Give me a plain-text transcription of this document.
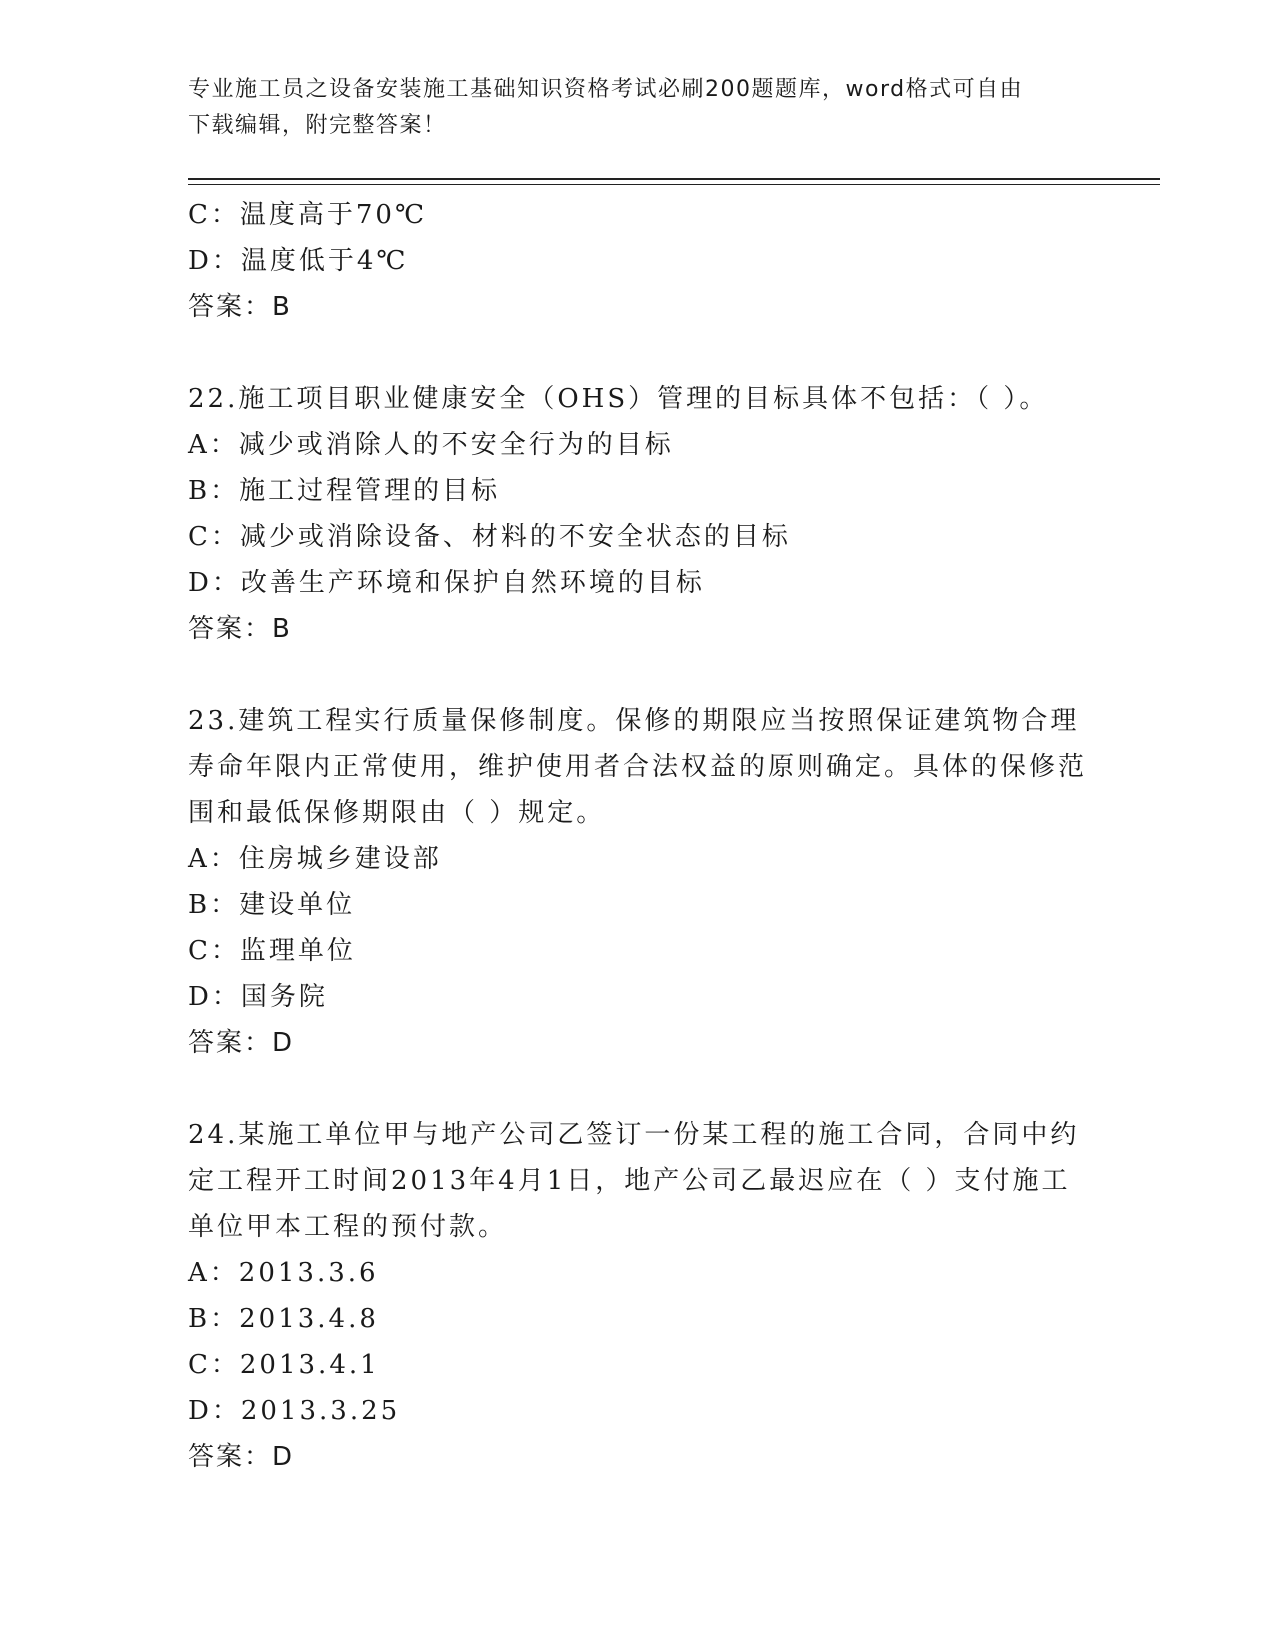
专业施工员之设备安装施工基础知识资格考试必刷200题题库，word格式可自由
下载编辑，附完整答案！
C：温度高于70℃
D：温度低于4℃
答案：B
22.施工项目职业健康安全（OHS）管理的目标具体不包括：（ ）。
A：减少或消除人的不安全行为的目标
B：施工过程管理的目标
C：减少或消除设备、材料的不安全状态的目标
D：改善生产环境和保护自然环境的目标
答案：B
23.建筑工程实行质量保修制度。保修的期限应当按照保证建筑物合理寿命年限内正常使用，维护使用者合法权益的原则确定。具体的保修范围和最低保修期限由（ ）规定。
A：住房城乡建设部
B：建设单位
C：监理单位
D：国务院
答案：D
24.某施工单位甲与地产公司乙签订一份某工程的施工合同，合同中约定工程开工时间2013年4月1日，地产公司乙最迟应在（ ）支付施工单位甲本工程的预付款。
A：2013.3.6
B：2013.4.8
C：2013.4.1
D：2013.3.25
答案：D
